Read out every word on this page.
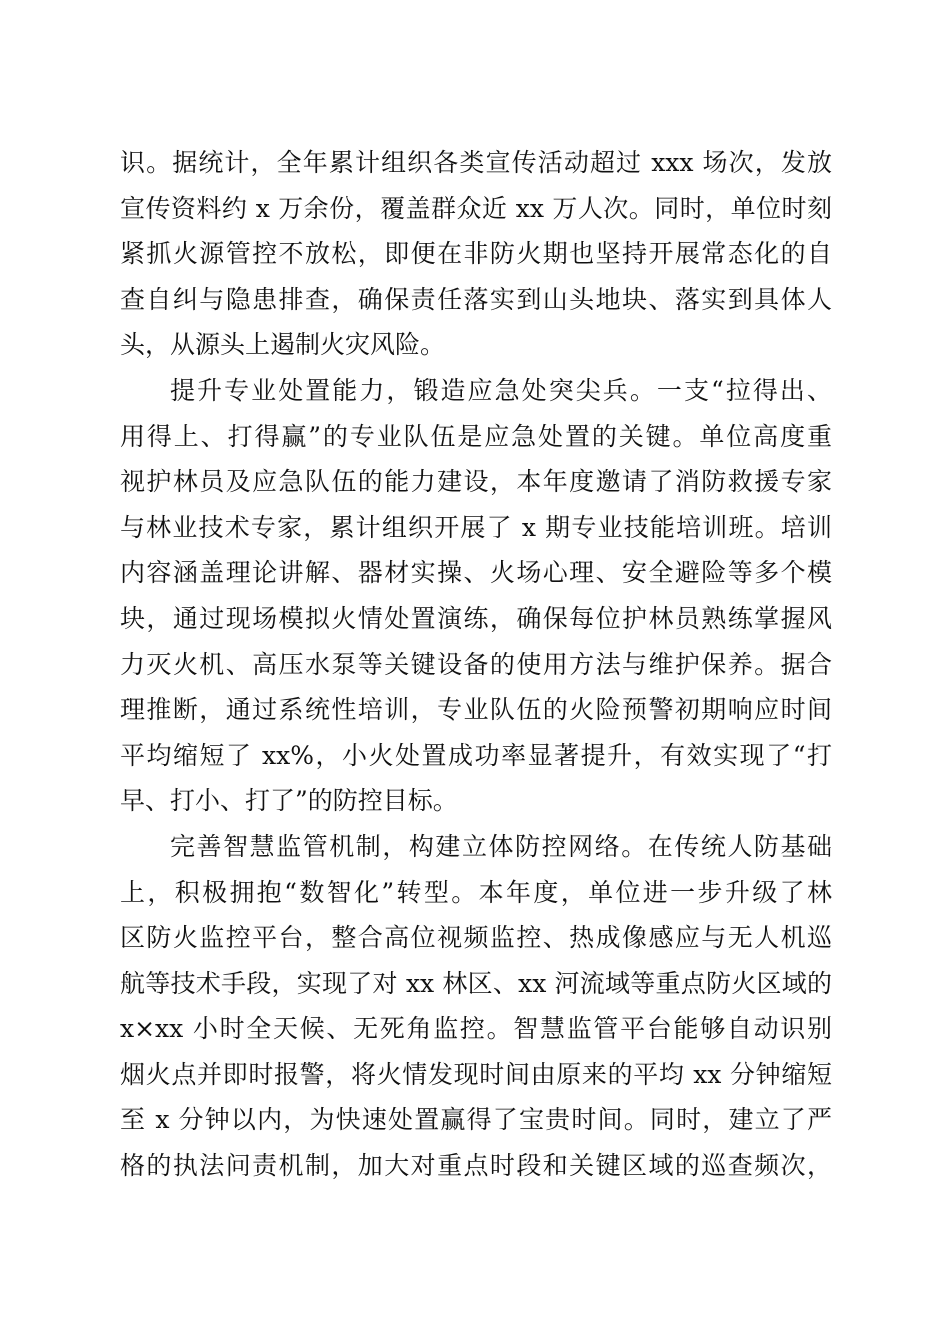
识。据统计，全年累计组织各类宣传活动超过 xxx 场次，发放
宣传资料约 x 万余份，覆盖群众近 xx 万人次。同时，单位时刻
紧抓火源管控不放松，即便在非防火期也坚持开展常态化的自
查自纠与隐患排查，确保责任落实到山头地块、落实到具体人
头，从源头上遏制火灾风险。
提升专业处置能力，锻造应急处突尖兵。一支“拉得出、
用得上、打得赢”的专业队伍是应急处置的关键。单位高度重
视护林员及应急队伍的能力建设，本年度邀请了消防救援专家
与林业技术专家，累计组织开展了 x 期专业技能培训班。培训
内容涵盖理论讲解、器材实操、火场心理、安全避险等多个模
块，通过现场模拟火情处置演练，确保每位护林员熟练掌握风
力灭火机、高压水泵等关键设备的使用方法与维护保养。据合
理推断，通过系统性培训，专业队伍的火险预警初期响应时间
平均缩短了 xx%，小火处置成功率显著提升，有效实现了“打
早、打小、打了”的防控目标。
完善智慧监管机制，构建立体防控网络。在传统人防基础
上，积极拥抱“数智化”转型。本年度，单位进一步升级了林
区防火监控平台，整合高位视频监控、热成像感应与无人机巡
航等技术手段，实现了对 xx 林区、xx 河流域等重点防火区域的
x×xx 小时全天候、无死角监控。智慧监管平台能够自动识别
烟火点并即时报警，将火情发现时间由原来的平均 xx 分钟缩短
至 x 分钟以内，为快速处置赢得了宝贵时间。同时，建立了严
格的执法问责机制，加大对重点时段和关键区域的巡查频次，
